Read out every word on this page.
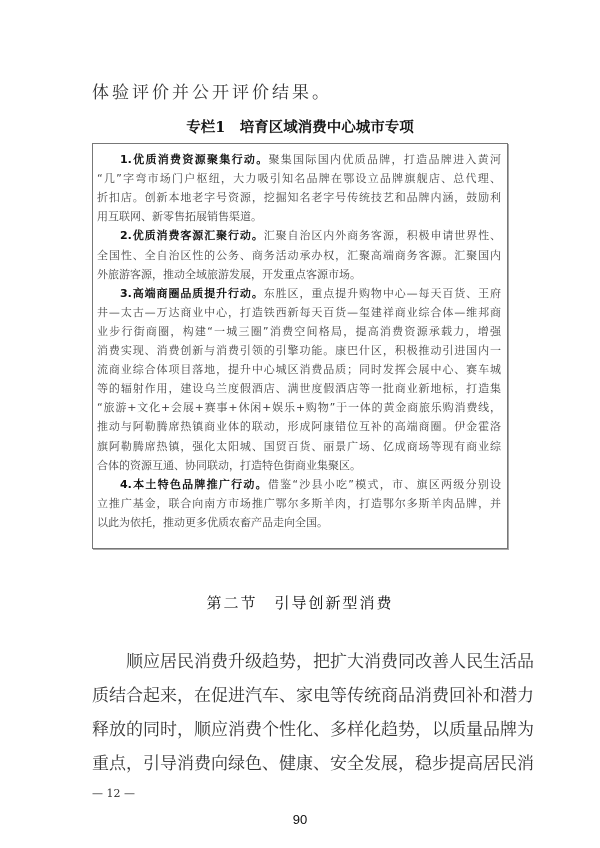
体验评价并公开评价结果。
专栏1　培育区域消费中心城市专项
1.优质消费资源聚集行动。聚集国际国内优质品牌，打造品牌进入黄河
“几”字弯市场门户枢纽，大力吸引知名品牌在鄂设立品牌旗舰店、总代理、
折扣店。创新本地老字号资源，挖掘知名老字号传统技艺和品牌内涵，鼓励利
用互联网、新零售拓展销售渠道。
2.优质消费客源汇聚行动。汇聚自治区内外商务客源，积极申请世界性、
全国性、全自治区性的公务、商务活动承办权，汇聚高端商务客源。汇聚国内
外旅游客源，推动全域旅游发展，开发重点客源市场。
3.高端商圈品质提升行动。东胜区，重点提升购物中心—每天百货、王府
井—太古—万达商业中心，打造铁西新每天百货—玺建祥商业综合体—维邦商
业步行街商圈，构建“一城三圈”消费空间格局，提高消费资源承载力，增强
消费实现、消费创新与消费引领的引擎功能。康巴什区，积极推动引进国内一
流商业综合体项目落地，提升中心城区消费品质；同时发挥会展中心、赛车城
等的辐射作用，建设乌兰度假酒店、满世度假酒店等一批商业新地标，打造集
“旅游+文化+会展+赛事+休闲+娱乐+购物”于一体的黄金商旅乐购消费线，
推动与阿勒腾席热镇商业体的联动，形成阿康错位互补的高端商圈。伊金霍洛
旗阿勒腾席热镇，强化太阳城、国贸百货、丽景广场、亿成商场等现有商业综
合体的资源互通、协同联动，打造特色街商业集聚区。
4.本土特色品牌推广行动。借鉴“沙县小吃”模式，市、旗区两级分别设
立推广基金，联合向南方市场推广鄂尔多斯羊肉，打造鄂尔多斯羊肉品牌，并
以此为依托，推动更多优质农畜产品走向全国。
第二节　引导创新型消费
顺应居民消费升级趋势，把扩大消费同改善人民生活品
质结合起来，在促进汽车、家电等传统商品消费回补和潜力
释放的同时，顺应消费个性化、多样化趋势，以质量品牌为
重点，引导消费向绿色、健康、安全发展，稳步提高居民消
— 12 —
90
